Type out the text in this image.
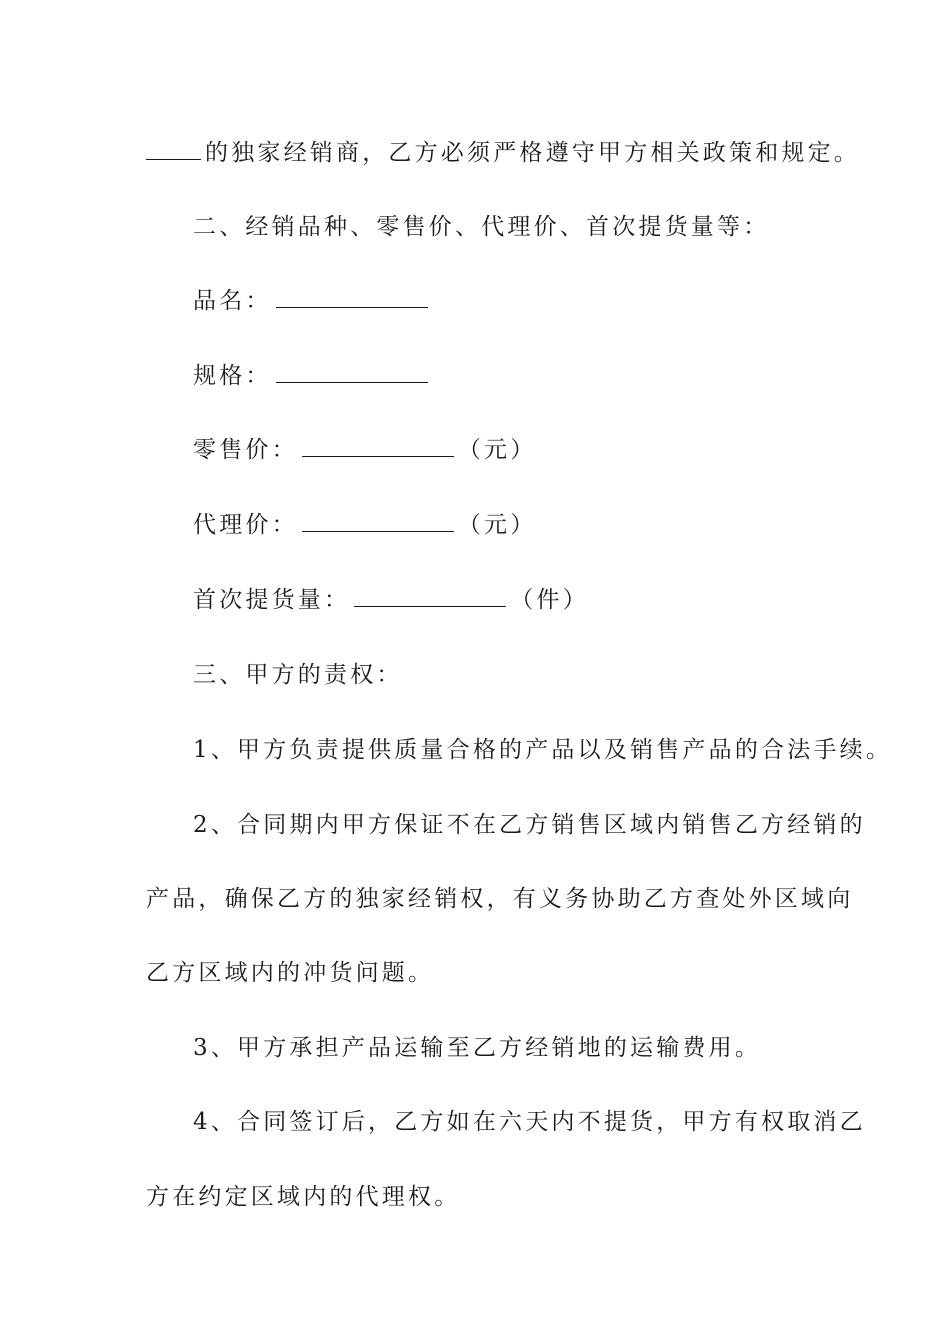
的独家经销商，乙方必须严格遵守甲方相关政策和规定。
二、经销品种、零售价、代理价、首次提货量等：
品名：
规格：
零售价：	（元）
代理价：	（元）
首次提货量：	（件）
三、甲方的责权：
1、甲方负责提供质量合格的产品以及销售产品的合法手续。
2、合同期内甲方保证不在乙方销售区域内销售乙方经销的
产品，确保乙方的独家经销权，有义务协助乙方查处外区域向
乙方区域内的冲货问题。
3、甲方承担产品运输至乙方经销地的运输费用。
4、合同签订后，乙方如在六天内不提货，甲方有权取消乙
方在约定区域内的代理权。
